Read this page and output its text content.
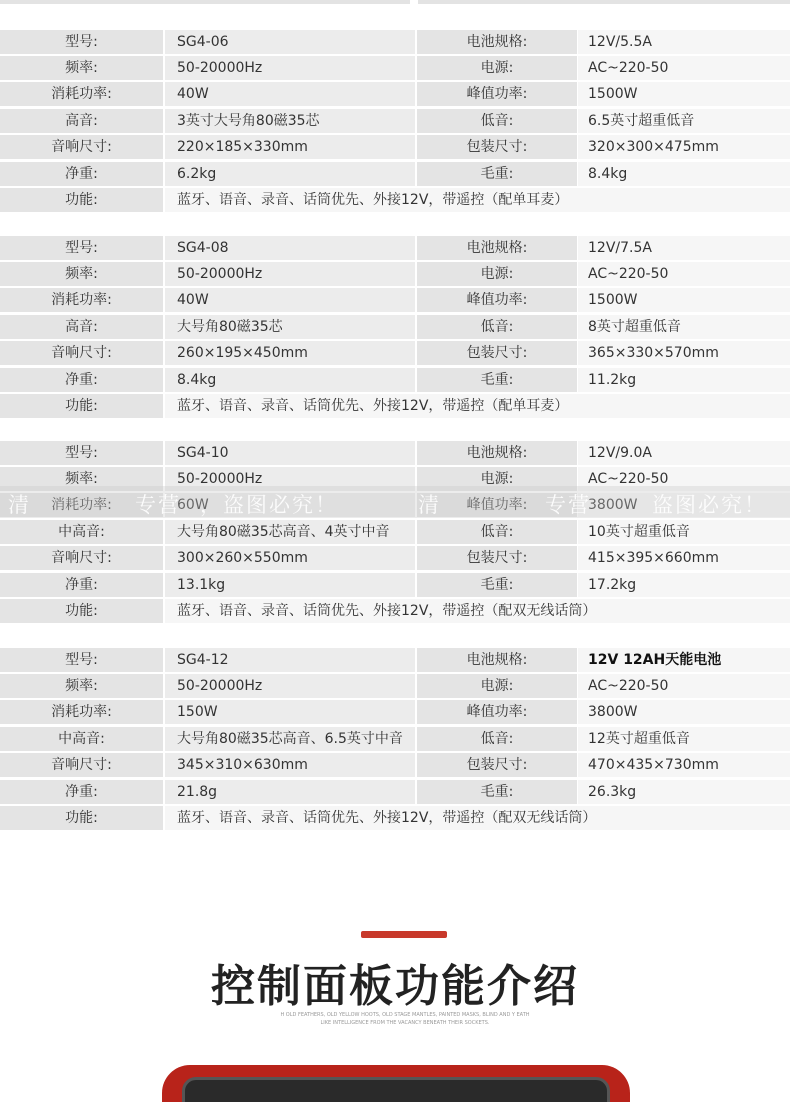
型号:	SG4-06	电池规格:	12V/5.5A
频率:	50-20000Hz	电源:	AC~220-50
消耗功率:	40W	峰值功率:	1500W
高音:	3英寸大号角80磁35芯	低音:	6.5英寸超重低音
音响尺寸:	220×185×330mm	包装尺寸:	320×300×475mm
净重:	6.2kg	毛重:	8.4kg
功能:	蓝牙、语音、录音、话筒优先、外接12V，带遥控（配单耳麦）
型号:	SG4-08	电池规格:	12V/7.5A
频率:	50-20000Hz	电源:	AC~220-50
消耗功率:	40W	峰值功率:	1500W
高音:	大号角80磁35芯	低音:	8英寸超重低音
音响尺寸:	260×195×450mm	包装尺寸:	365×330×570mm
净重:	8.4kg	毛重:	11.2kg
功能:	蓝牙、语音、录音、话筒优先、外接12V，带遥控（配单耳麦）
型号:	SG4-10	电池规格:	12V/9.0A
频率:	50-20000Hz	电源:	AC~220-50
消耗功率:	60W	峰值功率:	3800W
中高音:	大号角80磁35芯高音、4英寸中音	低音:	10英寸超重低音
音响尺寸:	300×260×550mm	包装尺寸:	415×395×660mm
净重:	13.1kg	毛重:	17.2kg
功能:	蓝牙、语音、录音、话筒优先、外接12V，带遥控（配双无线话筒）
型号:	SG4-12	电池规格:	12V 12AH天能电池
频率:	50-20000Hz	电源:	AC~220-50
消耗功率:	150W	峰值功率:	3800W
中高音:	大号角80磁35芯高音、6.5英寸中音	低音:	12英寸超重低音
音响尺寸:	345×310×630mm	包装尺寸:	470×435×730mm
净重:	21.8g	毛重:	26.3kg
功能:	蓝牙、语音、录音、话筒优先、外接12V，带遥控（配双无线话筒）
清	专营 ，盗图必究！	清	专营	盗图必究！
控制面板功能介绍
H OLD FEATHERS, OLD YELLOW HOOTS, OLD STAGE MANTLES, PAINTED MASKS, BLIND AND Y EATH LIKE INTELLIGENCE FROM THE VACANCY BENEATH THEIR SOCKETS.
